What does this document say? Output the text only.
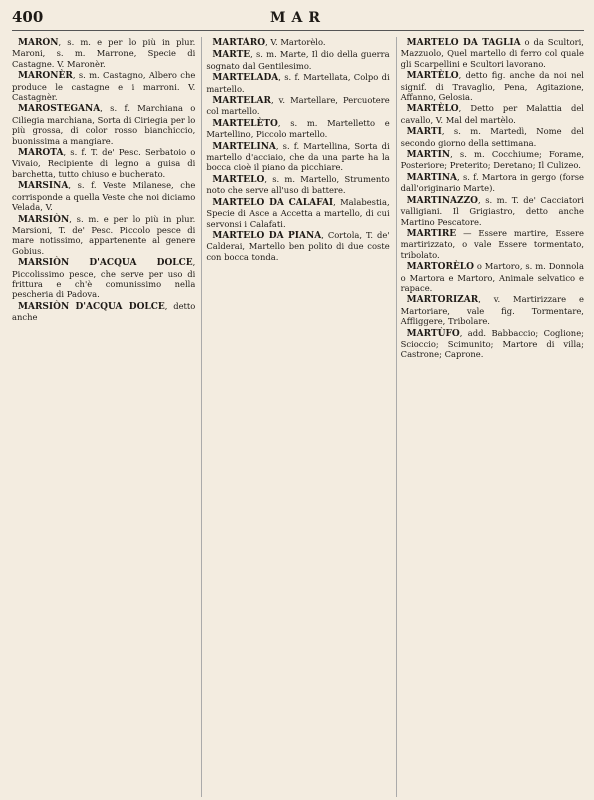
400	MAR

MARÒN, s. m. e per lo più in plur. Maroni, s. m. Marrone, Specie di Castagne. V. Maronèr.

MARONÈR, s. m. Castagno, Albero che produce le castagne e i marroni. V. Castagnèr.

MAROSTEGANA, s. f. Marchiana o Ciliegia marchiana, Sorta di Ciriegia per lo più grossa, di color rosso bianchiccio, buonissima a mangiare.

MAROTA, s. f. T. de' Pesc. Serbatoio o Vivaio, Recipiente di legno a guisa di barchetta, tutto chiuso e bucherato.

MARSINA, s. f. Veste Milanese, che corrisponde a quella Veste che noi diciamo Velada, V.

MARSIÒN, s. m. e per lo più in plur. Marsioni, T. de' Pesc. Piccolo pesce di mare notissimo, appartenente al genere Gobius.

MARSIÒN D'ACQUA DOLCE, Piccolissimo pesce, che serve per uso di frittura e ch'è comunissimo nella pescheria di Padova.

MARSIÒN D'ACQUA DOLCE, detto anche

MARTÀRO, V. Martorèlo.

MARTE, s. m. Marte, Il dio della guerra sognato dal Gentilesimo.

MARTELADA, s. f. Martellata, Colpo di martello.

MARTELAR, v. Martellare, Percuotere col martello.

MARTELÈTO, s. m. Martelletto e Martellino, Piccolo martello.

MARTELINA, s. f. Martellina, Sorta di martello d'acciaio, che da una parte ha la bocca cioè il piano da picchiare.

MARTELO, s. m. Martello, Strumento noto che serve all'uso di battere.

MARTELO DA CALAFAI, Malabestia, Specie di Asce a Accetta a martello, di cui servonsi i Calafati.

MARTELO DA PIANA, Cortola, T. de' Calderai, Martello ben polito di due coste con bocca tonda.

MARTELO DA TAGLIA o da Scultori, Mazzuolo, Quel martello di ferro col quale gli Scarpellini e Scultori lavorano.

MARTÈLO, detto fig. anche da noi nel signif. di Travaglio, Pena, Agitazione, Affanno, Gelosia.

MARTÈLO, Detto per Malattia del cavallo, V. Mal del martèlo.

MARTI, s. m. Martedì, Nome del secondo giorno della settimana.

MARTIN, s. m. Cocchiume; Forame, Posteriore; Preterito; Deretano; Il Culizeo.

MARTINA, s. f. Martora in gergo (forse dall'originario Marte).

MARTINAZZO, s. m. T. de' Cacciatori valligiani. Il Grigiastro, detto anche Martino Pescatore.

MARTIRE — Essere martire, Essere martirizzato, o vale Essere tormentato, tribolato.

MARTORÈLO o Martoro, s. m. Donnola o Martora e Martoro, Animale selvatico e rapace.

MARTORIZAR, v. Martirizzare e Martoriare, vale fig. Tormentare, Affliggere, Tribolare.

MARTÙFO, add. Babbaccio; Coglione; Scioccio; Scimunito; Martore di villa; Castrone; Caprone.
